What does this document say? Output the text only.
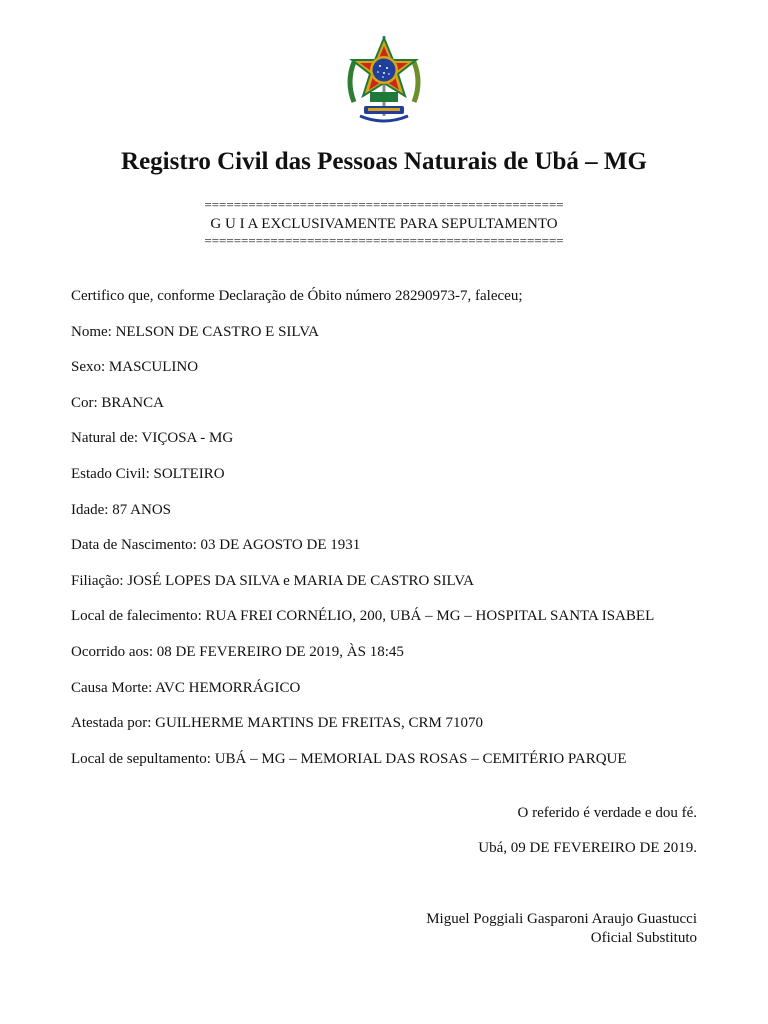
Registro Civil das Pessoas Naturais de Ubá – MG
=================================================
G U I A EXCLUSIVAMENTE PARA SEPULTAMENTO
=================================================
Certifico que, conforme Declaração de Óbito número 28290973-7, faleceu;
Nome: NELSON DE CASTRO E SILVA
Sexo: MASCULINO
Cor: BRANCA
Natural de: VIÇOSA - MG
Estado Civil: SOLTEIRO
Idade: 87 ANOS
Data de Nascimento: 03 DE AGOSTO DE 1931
Filiação: JOSÉ LOPES DA SILVA e MARIA DE CASTRO SILVA
Local de falecimento: RUA FREI CORNÉLIO, 200, UBÁ – MG – HOSPITAL SANTA ISABEL
Ocorrido aos: 08 DE FEVEREIRO DE 2019, ÀS 18:45
Causa Morte: AVC HEMORRÁGICO
Atestada por: GUILHERME MARTINS DE FREITAS, CRM 71070
Local de sepultamento: UBÁ – MG – MEMORIAL DAS ROSAS – CEMITÉRIO PARQUE
O referido é verdade e dou fé.
Ubá, 09 DE FEVEREIRO DE 2019.
Miguel Poggiali Gasparoni Araujo Guastucci
Oficial Substituto
